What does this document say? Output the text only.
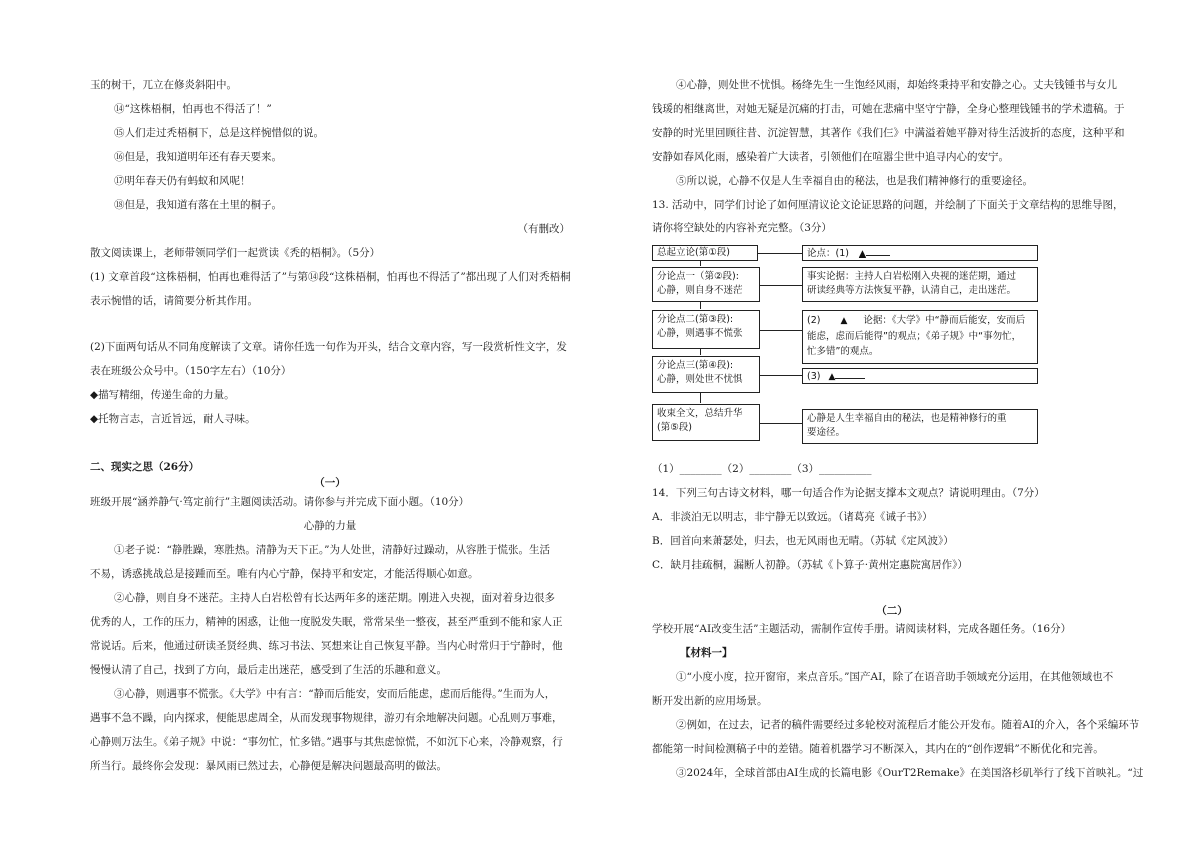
玉的树干，兀立在修炎斜阳中。
⑭“这株梧桐，怕再也不得活了！”
⑮人们走过秃梧桐下，总是这样惋惜似的说。
⑯但是，我知道明年还有春天要来。
⑰明年春天仍有蚂蚁和风呢！
⑱但是，我知道有落在土里的桐子。
（有删改）
散文阅读课上，老师带领同学们一起赏读《秃的梧桐》。（5分）
(1) 文章首段“这株梧桐，怕再也难得活了”与第⑭段“这株梧桐，怕再也不得活了”都出现了人们对秃梧桐
表示惋惜的话，请简要分析其作用。
(2)下面两句话从不同角度解读了文章。请你任选一句作为开头，结合文章内容，写一段赏析性文字，发
表在班级公众号中。（150字左右）（10分）
◆描写精细，传递生命的力量。
◆托物言志，言近旨远，耐人寻味。
二、现实之思（26分）
（一）
班级开展“涵养静气·笃定前行”主题阅读活动。请你参与并完成下面小题。（10分）
心静的力量
①老子说：“静胜躁，寒胜热。清静为天下正。”为人处世，清静好过躁动，从容胜于慌张。生活
不易，诱惑挑战总是接踵而至。唯有内心宁静，保持平和安定，才能活得顺心如意。
②心静，则自身不迷茫。主持人白岩松曾有长达两年多的迷茫期。刚进入央视，面对着身边很多
优秀的人，工作的压力，精神的困惑，让他一度脱发失眠，常常呆坐一整夜，甚至严重到不能和家人正
常说话。后来，他通过研读圣贤经典、练习书法、冥想来让自己恢复平静。当内心时常归于宁静时，他
慢慢认清了自己，找到了方向，最后走出迷茫，感受到了生活的乐趣和意义。
③心静，则遇事不慌张。《大学》中有言：“静而后能安，安而后能虑，虑而后能得。”生而为人，
遇事不急不躁，向内探求，便能思虑周全，从而发现事物规律，游刃有余地解决问题。心乱则万事难，
心静则万法生。《弟子规》中说：“事勿忙，忙多错。”遇事与其焦虑惊慌，不如沉下心来，冷静观察，行
所当行。最终你会发现：暴风雨已然过去，心静便是解决问题最高明的做法。
④心静，则处世不忧惧。杨绛先生一生饱经风雨，却始终秉持平和安静之心。丈夫钱锺书与女儿
钱瑗的相继离世，对她无疑是沉痛的打击，可她在悲痛中坚守宁静，全身心整理钱锺书的学术遗稿。于
安静的时光里回顾往昔、沉淀智慧，其著作《我们仨》中满溢着她平静对待生活波折的态度，这种平和
安静如春风化雨，感染着广大读者，引领他们在喧嚣尘世中追寻内心的安宁。
⑤所以说，心静不仅是人生幸福自由的秘法，也是我们精神修行的重要途径。
13. 活动中，同学们讨论了如何厘清议论文论证思路的问题，并绘制了下面关于文章结构的思维导图，
请你将空缺处的内容补充完整。（3分）
（1）________（2）________（3）__________
14．下列三句古诗文材料，哪一句适合作为论据支撑本文观点？请说明理由。（7分）
A．非淡泊无以明志，非宁静无以致远。（诸葛亮《诫子书》）
B．回首向来萧瑟处，归去，也无风雨也无晴。（苏轼《定风波》）
C．缺月挂疏桐，漏断人初静。（苏轼《卜算子·黄州定惠院寓居作》）
（二）
学校开展“AI改变生活”主题活动，需制作宣传手册。请阅读材料，完成各题任务。（16分）
【材料一】
①“小度小度，拉开窗帘，来点音乐。”国产AI，除了在语音助手领域充分运用，在其他领域也不
断开发出新的应用场景。
②例如，在过去，记者的稿件需要经过多轮校对流程后才能公开发布。随着AI的介入，各个采编环节
都能第一时间检测稿子中的差错。随着机器学习不断深入，其内在的“创作逻辑”不断优化和完善。
③2024年，全球首部由AI生成的长篇电影《OurT2Remake》在美国洛杉矶举行了线下首映礼。“过
总起立论(第①段)	论点：(1) ▲
分论点一（第②段):
心静，则自身不迷茫
事实论据：主持人白岩松刚入央视的迷茫期，通过
研读经典等方法恢复平静，认清自己，走出迷茫。
分论点二(第③段):
心静，则遇事不慌张
(2) ▲ 论据：《大学》中“静而后能安，安而后
能虑，虑而后能得”的观点；《弟子规》中“事勿忙，
忙多错”的观点。
分论点三(第④段):
心静，则处世不忧惧	(3) ▲
收束全文，总结升华
(第⑤段)
心静是人生幸福自由的秘法，也是精神修行的重
要途径。
